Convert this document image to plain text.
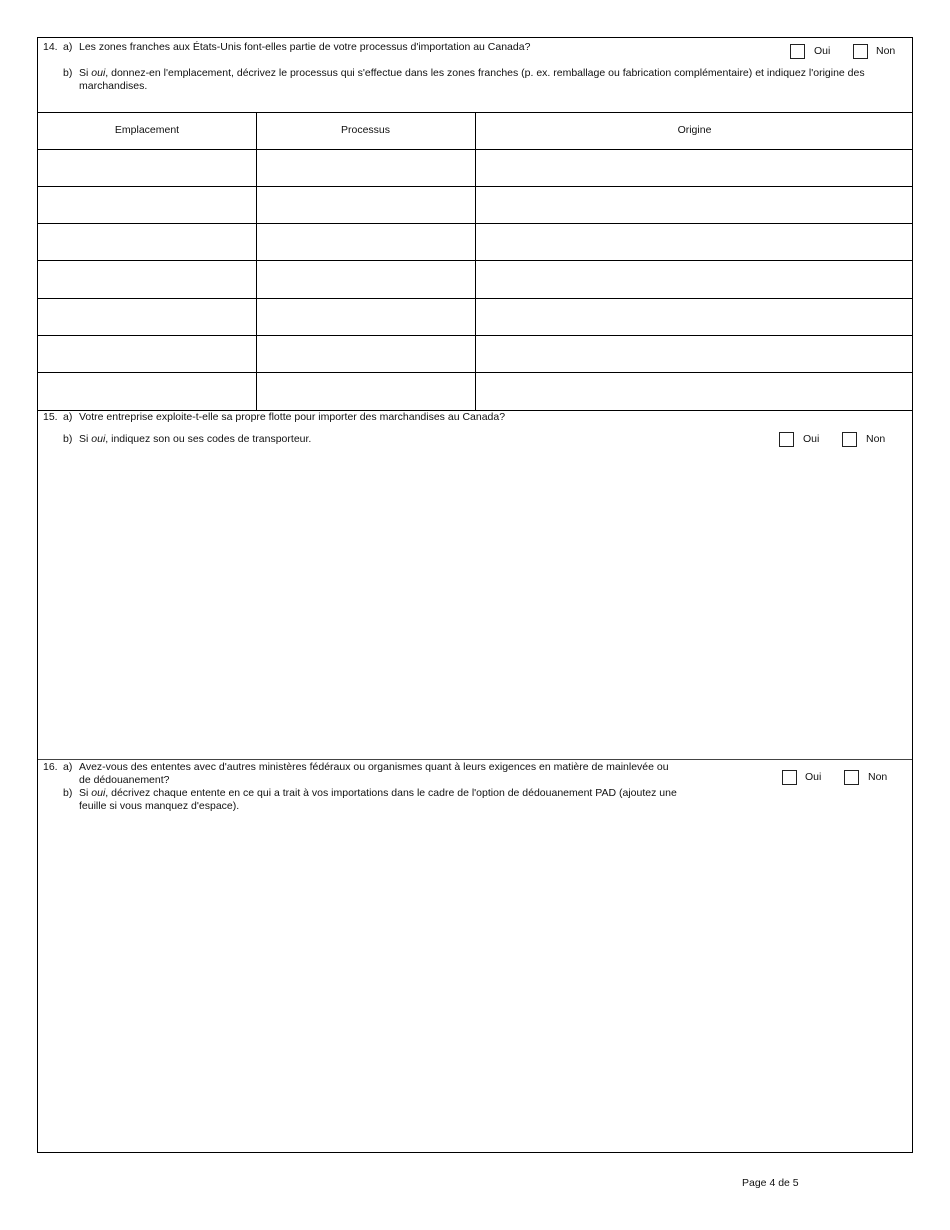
14. a) Les zones franches aux États-Unis font-elles partie de votre processus d'importation au Canada?	Oui	Non
b) Si oui, donnez-en l'emplacement, décrivez le processus qui s'effectue dans les zones franches (p. ex. remballage ou fabrication complémentaire) et indiquez l'origine des marchandises.
Emplacement	Processus	Origine
15. a) Votre entreprise exploite-t-elle sa propre flotte pour importer des marchandises au Canada?
b) Si oui, indiquez son ou ses codes de transporteur.	Oui	Non
16. a) Avez-vous des ententes avec d'autres ministères fédéraux ou organismes quant à leurs exigences en matière de mainlevée ou de dédouanement?
b) Si oui, décrivez chaque entente en ce qui a trait à vos importations dans le cadre de l'option de dédouanement PAD (ajoutez une feuille si vous manquez d'espace).
Oui	Non
Page 4 de 5
